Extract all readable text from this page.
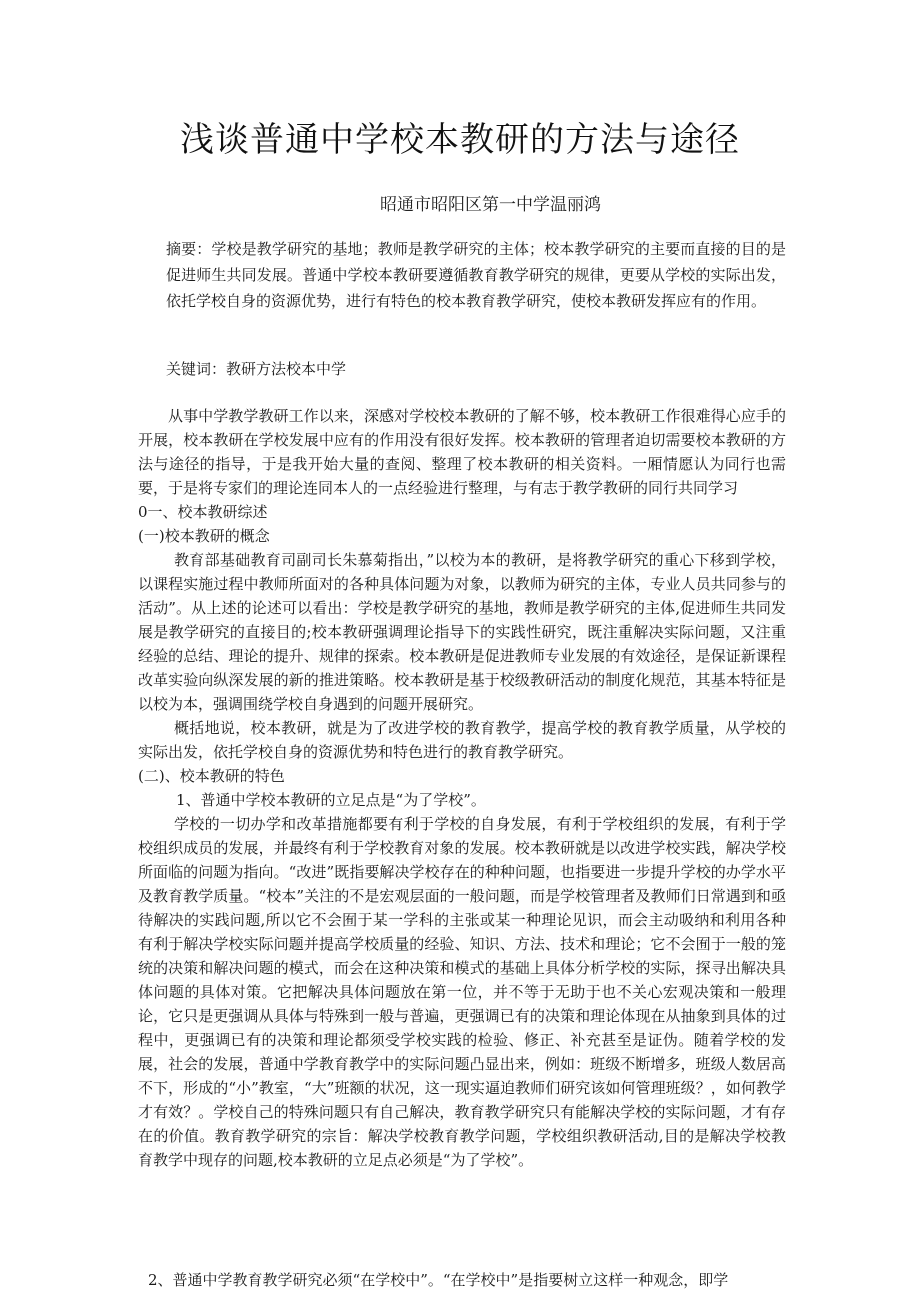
浅谈普通中学校本教研的方法与途径
昭通市昭阳区第一中学温丽鸿

摘要：学校是教学研究的基地；教师是教学研究的主体；校本教学研究的主要而直接的目的是促进师生共同发展。普通中学校本教研要遵循教育教学研究的规律，更要从学校的实际出发，依托学校自身的资源优势，进行有特色的校本教育教学研究，使校本教研发挥应有的作用。

关键词：教研方法校本中学

从事中学教学教研工作以来，深感对学校校本教研的了解不够，校本教研工作很难得心应手的开展，校本教研在学校发展中应有的作用没有很好发挥。校本教研的管理者迫切需要校本教研的方法与途径的指导，于是我开始大量的查阅、整理了校本教研的相关资料。一厢情愿认为同行也需要，于是将专家们的理论连同本人的一点经验进行整理，与有志于教学教研的同行共同学习

0一、校本教研综述

(一)校本教研的概念

教育部基础教育司副司长朱慕菊指出，”以校为本的教研，是将教学研究的重心下移到学校，以课程实施过程中教师所面对的各种具体问题为对象，以教师为研究的主体，专业人员共同参与的活动”。从上述的论述可以看出：学校是教学研究的基地，教师是教学研究的主体,促进师生共同发展是教学研究的直接目的;校本教研强调理论指导下的实践性研究，既注重解决实际问题，又注重经验的总结、理论的提升、规律的探索。校本教研是促进教师专业发展的有效途径，是保证新课程改革实验向纵深发展的新的推进策略。校本教研是基于校级教研活动的制度化规范，其基本特征是以校为本，强调围绕学校自身遇到的问题开展研究。

概括地说，校本教研，就是为了改进学校的教育教学，提高学校的教育教学质量，从学校的实际出发，依托学校自身的资源优势和特色进行的教育教学研究。

(二)、校本教研的特色

1、普通中学校本教研的立足点是“为了学校”。

学校的一切办学和改革措施都要有利于学校的自身发展，有利于学校组织的发展，有利于学校组织成员的发展，并最终有利于学校教育对象的发展。校本教研就是以改进学校实践，解决学校所面临的问题为指向。“改进”既指要解决学校存在的种种问题，也指要进一步提升学校的办学水平及教育教学质量。“校本”关注的不是宏观层面的一般问题，而是学校管理者及教师们日常遇到和亟待解决的实践问题,所以它不会囿于某一学科的主张或某一种理论见识，而会主动吸纳和利用各种有利于解决学校实际问题并提高学校质量的经验、知识、方法、技术和理论；它不会囿于一般的笼统的决策和解决问题的模式，而会在这种决策和模式的基础上具体分析学校的实际，探寻出解决具体问题的具体对策。它把解决具体问题放在第一位，并不等于无助于也不关心宏观决策和一般理论，它只是更强调从具体与特殊到一般与普遍，更强调已有的决策和理论体现在从抽象到具体的过程中，更强调已有的决策和理论都须受学校实践的检验、修正、补充甚至是证伪。随着学校的发展，社会的发展，普通中学教育教学中的实际问题凸显出来，例如：班级不断增多，班级人数居高不下，形成的“小”教室，“大”班额的状况，这一现实逼迫教师们研究该如何管理班级？，如何教学才有效？。学校自己的特殊问题只有自己解决，教育教学研究只有能解决学校的实际问题，才有存在的价值。教育教学研究的宗旨：解决学校教育教学问题，学校组织教研活动,目的是解决学校教育教学中现存的问题,校本教研的立足点必须是“为了学校”。

2、普通中学教育教学研究必须“在学校中”。“在学校中”是指要树立这样一种观念，即学
